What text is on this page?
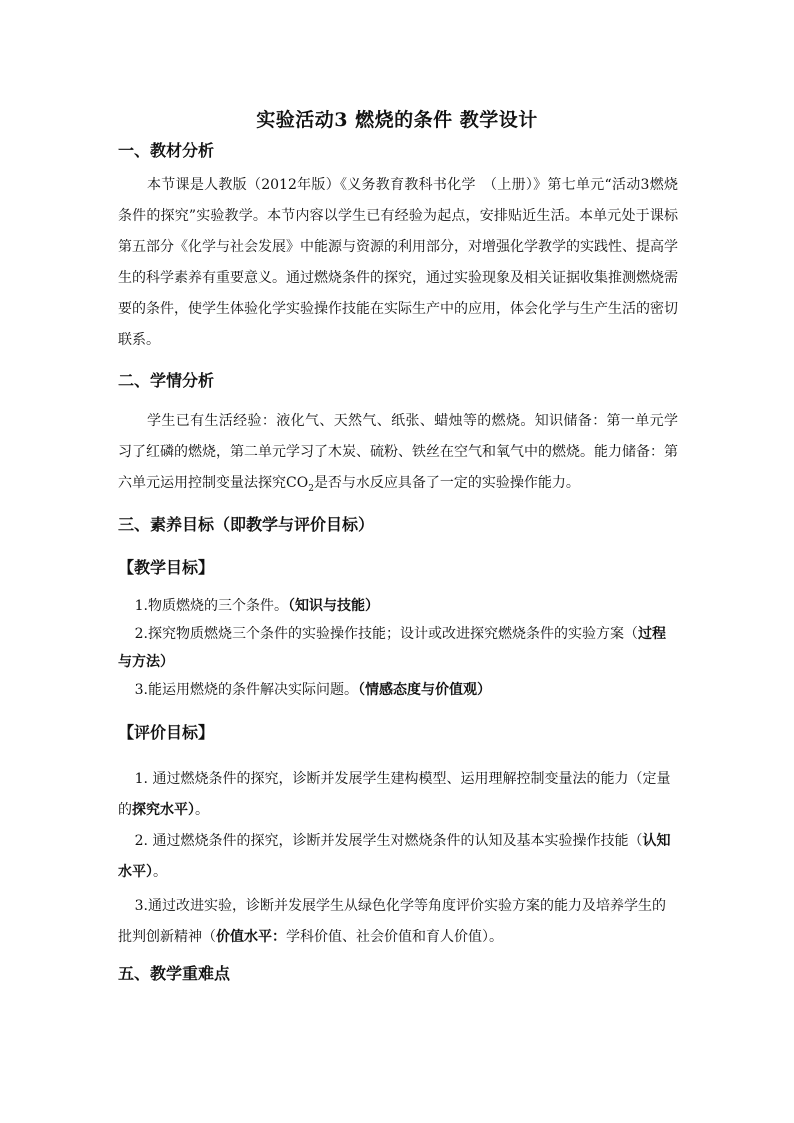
实验活动3 燃烧的条件 教学设计
一、教材分析

本节课是人教版（2012年版）《义务教育教科书化学　（上册）》第七单元“活动3燃烧条件的探究”实验教学。本节内容以学生已有经验为起点，安排贴近生活。本单元处于课标第五部分《化学与社会发展》中能源与资源的利用部分，对增强化学教学的实践性、提高学生的科学素养有重要意义。通过燃烧条件的探究，通过实验现象及相关证据收集推测燃烧需要的条件，使学生体验化学实验操作技能在实际生产中的应用，体会化学与生产生活的密切联系。

二、学情分析

学生已有生活经验：液化气、天然气、纸张、蜡烛等的燃烧。知识储备：第一单元学习了红磷的燃烧，第二单元学习了木炭、硫粉、铁丝在空气和氧气中的燃烧。能力储备：第六单元运用控制变量法探究$CO_2$是否与水反应具备了一定的实验操作能力。

三、素养目标（即教学与评价目标）
【教学目标】

1.物质燃烧的三个条件。（知识与技能）

2.探究物质燃烧三个条件的实验操作技能；设计或改进探究燃烧条件的实验方案（过程与方法）

3.能运用燃烧的条件解决实际问题。（情感态度与价值观）

【评价目标】

1. 通过燃烧条件的探究，诊断并发展学生建构模型、运用理解控制变量法的能力（定量的探究水平）。

2. 通过燃烧条件的探究，诊断并发展学生对燃烧条件的认知及基本实验操作技能（认知水平）。

3.通过改进实验，诊断并发展学生从绿色化学等角度评价实验方案的能力及培养学生的批判创新精神（价值水平：学科价值、社会价值和育人价值）。

五、教学重难点
